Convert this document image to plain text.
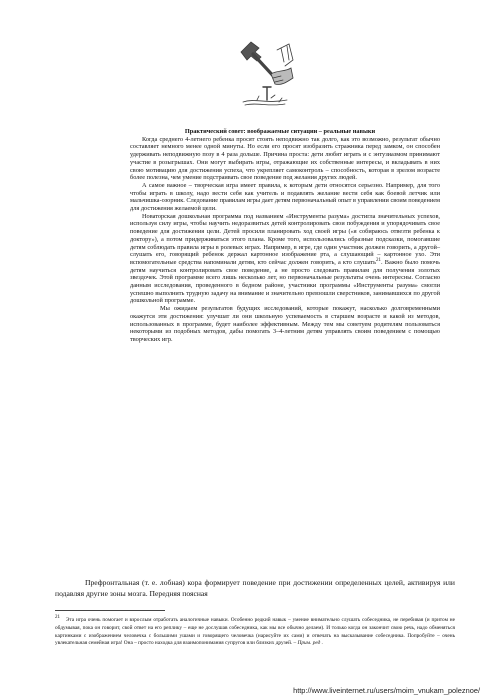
Практический совет: воображаемые ситуации – реальные навыки

Когда среднего 4-летнего ребенка просят стоять неподвижно так долго, как это возможно, результат обычно составляет немного менее одной минуты. Но если его просят изобразить стражника перед замком, он способен удерживать неподвижную позу в 4 раза дольше. Причина проста: дети любят играть и с энтузиазмом принимают участие в розыгрышах. Они могут выбирать игры, отражающие их собственные интересы, и вкладывать в них свою мотивацию для достижения успеха, что укрепляет самоконтроль – способность, которая в зрелом возрасте более полезна, чем умение подстраивать свое поведение под желания других людей.

А самое важное – творческая игра имеет правила, к которым дети относятся серьезно. Например, для того чтобы играть в школу, надо вести себя как учитель и подавлять желание вести себя как боевой летчик или мальчишка-озорник. Следование правилам игры дает детям первоначальный опыт в управлении своим поведением для достижения желаемой цели.

Новаторская дошкольная программа под названием «Инструменты разума» достигла значительных успехов, используя силу игры, чтобы научить недоразвитых детей контролировать свои побуждения и упорядочивать свое поведение для достижения цели. Детей просили планировать ход своей игры («я собираюсь отвезти ребенка к доктору»), а потом придерживаться этого плана. Кроме того, использовались образные подсказки, помогавшие детям соблюдать правила игры в ролевых играх. Например, в игре, где один участник должен говорить, а другой– слушать его, говорящий ребенок держал картонное изображение рта, а слушающий – картонное ухо. Эти вспомогательные средства напоминали детям, кто сейчас должен говорить, а кто слушать$^{21}$. Важно было помочь детям научиться контролировать свое поведение, а не просто следовать правилам для получения золотых звездочек. Этой программе всего лишь несколько лет, но первоначальные результаты очень интересны. Согласно данным исследования, проведенного в бедном районе, участники программы «Инструменты разума» смогли успешно выполнить трудную задачу на внимание и значительно превзошли сверстников, занимавшихся по другой дошкольной программе.

Мы ожидаем результатов будущих исследований, которые покажут, насколько долговременными окажутся эти достижения: улучшат ли они школьную успеваемость в старшем возрасте и какой из методов, использованных в программе, будет наиболее эффективным. Между тем мы советуем родителям пользоваться некоторыми из подобных методов, дабы помогать 3–4-летним детям управлять своим поведением с помощью творческих игр.

Префронтальная (т. е. лобная) кора формирует поведение при достижении определенных целей, активируя или подавляя другие зоны мозга. Передняя поясная

$^{21}$ Эта игра очень помогает и взрослым отработать аналогичные навыки. Особенно редкий навык – умение внимательно слушать собеседника, не перебивая (и притом не обдумывая, пока он говорит, свой ответ на его реплику – еще не дослушав собеседника, как мы все обычно делаем). И только когда он закончит свою речь, надо обменяться картинками с изображением человечка с большими ушами и говорящего человечка (нарисуйте их сами) и отвечать на высказывание собеседника. Попробуйте – очень увлекательная семейная игра! Она – просто находка для взаимопонимания супругов или близких друзей. – Прим. ред .
http://www.liveinternet.ru/users/moim_vnukam_poleznoe/
